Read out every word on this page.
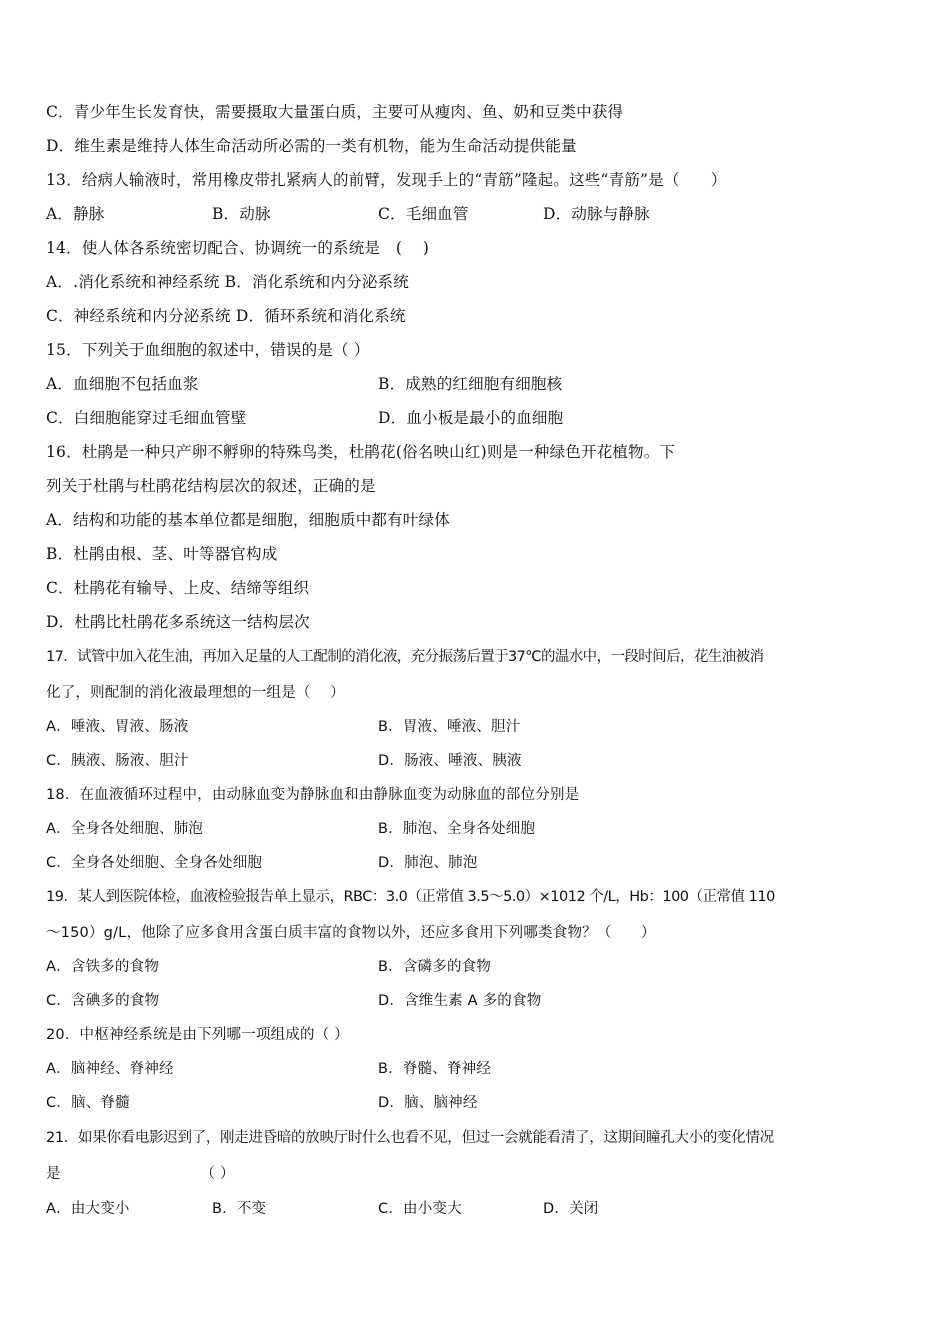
C．青少年生长发育快，需要摄取大量蛋白质，主要可从瘦肉、鱼、奶和豆类中获得
D．维生素是维持人体生命活动所必需的一类有机物，能为生命活动提供能量
13．给病人输液时，常用橡皮带扎紧病人的前臂，发现手上的“青筋”隆起。这些“青筋”是（　　）
A．静脉	B．动脉	C．毛细血管	D．动脉与静脉
14．使人体各系统密切配合、协调统一的系统是　(　 )
A．.消化系统和神经系统 B．消化系统和内分泌系统
C．神经系统和内分泌系统 D．循环系统和消化系统
15．下列关于血细胞的叙述中，错误的是（ ）
A．血细胞不包括血浆	B．成熟的红细胞有细胞核
C．白细胞能穿过毛细血管壁	D．血小板是最小的血细胞
16．杜鹃是一种只产卵不孵卵的特殊鸟类，杜鹃花(俗名映山红)则是一种绿色开花植物。下
列关于杜鹃与杜鹃花结构层次的叙述，正确的是
A．结构和功能的基本单位都是细胞，细胞质中都有叶绿体
B．杜鹃由根、茎、叶等器官构成
C．杜鹃花有输导、上皮、结缔等组织
D．杜鹃比杜鹃花多系统这一结构层次
17．试管中加入花生油，再加入足量的人工配制的消化液，充分振荡后置于37℃的温水中，一段时间后，花生油被消
化了，则配制的消化液最理想的一组是（　 ）
A．唾液、胃液、肠液	B．胃液、唾液、胆汁
C．胰液、肠液、胆汁	D．肠液、唾液、胰液
18．在血液循环过程中，由动脉血变为静脉血和由静脉血变为动脉血的部位分别是
A．全身各处细胞、肺泡	B．肺泡、全身各处细胞
C．全身各处细胞、全身各处细胞	D．肺泡、肺泡
19．某人到医院体检，血液检验报告单上显示，RBC：3.0（正常值 3.5～5.0）×1012 个/L，Hb：100（正常值 110
～150）g/L，他除了应多食用含蛋白质丰富的食物以外，还应多食用下列哪类食物？（　　）
A．含铁多的食物	B．含磷多的食物
C．含碘多的食物	D．含维生素 A 多的食物
20．中枢神经系统是由下列哪一项组成的（ ）
A．脑神经、脊神经	B．脊髓、脊神经
C．脑、脊髓	D．脑、脑神经
21．如果你看电影迟到了，刚走进昏暗的放映厅时什么也看不见，但过一会就能看清了，这期间瞳孔大小的变化情况
是　　　　　　　　　　（ ）
A．由大变小	B．不变	C．由小变大	D．关闭
